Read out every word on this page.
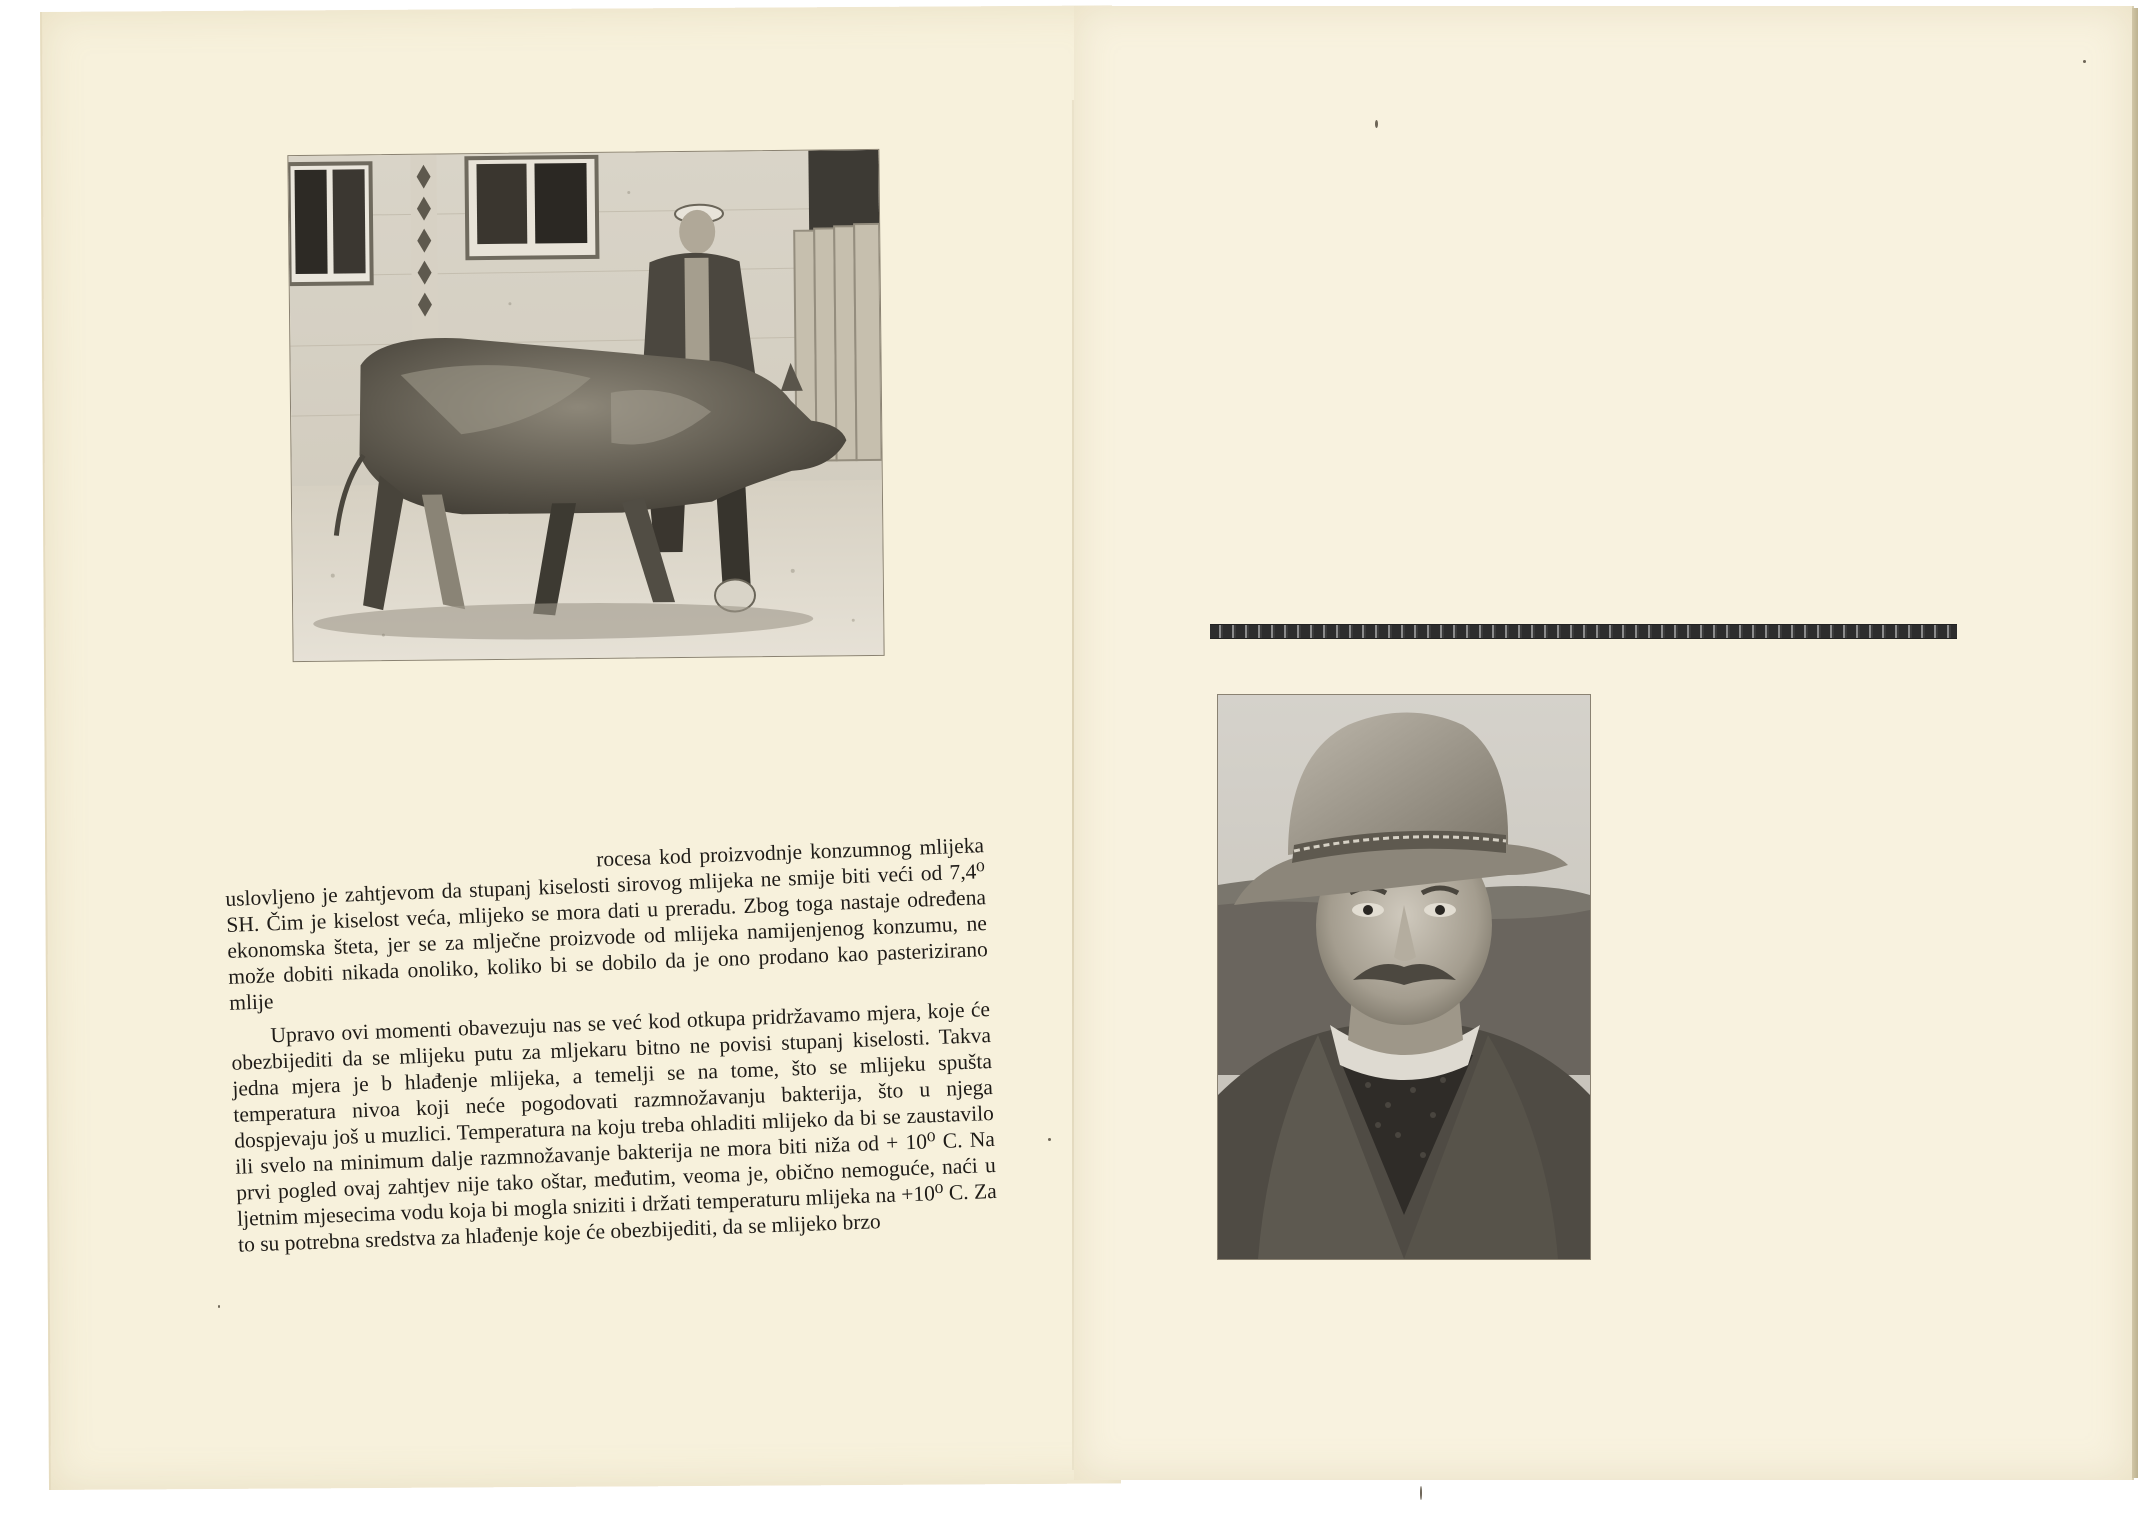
rocesa kod proizvodnje konzumnog mlijeka uslovljeno je zahtjevom da stupanj kiselosti sirovog mlijeka ne smije biti veći od 7,4⁰ SH. Čim je kiselost veća, mlijeko se mora dati u preradu. Zbog toga nastaje određena ekonomska šteta, jer se za mlječne proizvode od mlijeka namijenjenog konzumu, ne može dobiti nikada onoliko, koliko bi se dobilo da je ono prodano kao pasterizirano mlije

Upravo ovi momenti obavezuju nas se već kod otkupa pridržavamo mjera, koje će obezbijediti da se mlijeku putu za mljekaru bitno ne povisi stupanj kiselosti. Takva jedna mjera je b hlađenje mlijeka, a temelji se na tome, što se mlijeku spušta temperatura nivoa koji neće pogodovati razmnožavanju bakterija, što u njega dospjevaju još u muzlici. Temperatura na koju treba ohladiti mlijeko da bi se zaustavilo ili svelo na minimum dalje razmnožavanje bakterija ne mora biti niža od + 10⁰ C. Na prvi pogled ovaj zahtjev nije tako oštar, međutim, veoma je, obično nemoguće, naći u ljetnim mjesecima vodu koja bi mogla sniziti i držati temperaturu mlijeka na +10⁰ C. Za to su potrebna sredstva za hlađenje koje će obezbijediti, da se mlijeko brzo
